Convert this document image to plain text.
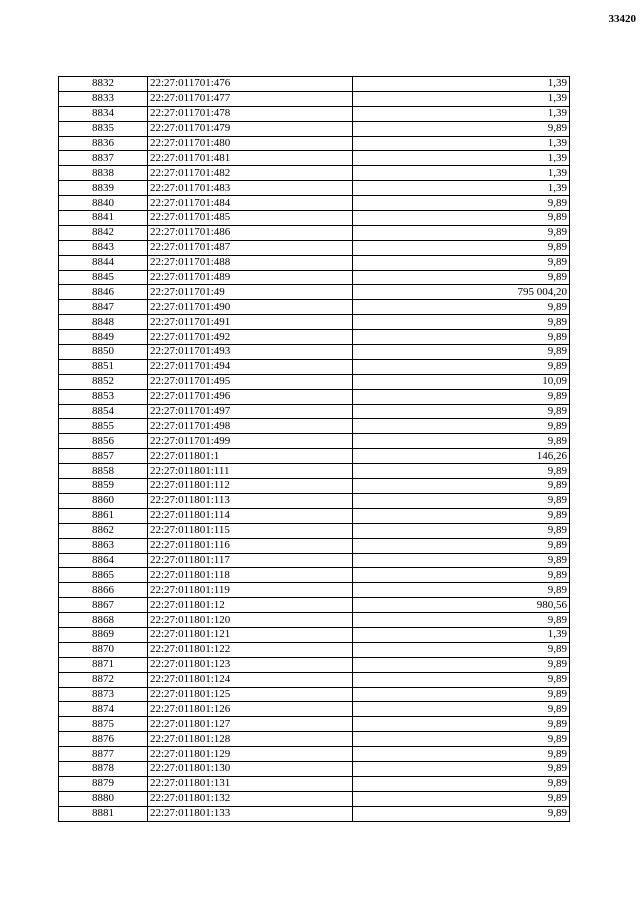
33420
8832	22:27:011701:476	1,39
8833	22:27:011701:477	1,39
8834	22:27:011701:478	1,39
8835	22:27:011701:479	9,89
8836	22:27:011701:480	1,39
8837	22:27:011701:481	1,39
8838	22:27:011701:482	1,39
8839	22:27:011701:483	1,39
8840	22:27:011701:484	9,89
8841	22:27:011701:485	9,89
8842	22:27:011701:486	9,89
8843	22:27:011701:487	9,89
8844	22:27:011701:488	9,89
8845	22:27:011701:489	9,89
8846	22:27:011701:49	795 004,20
8847	22:27:011701:490	9,89
8848	22:27:011701:491	9,89
8849	22:27:011701:492	9,89
8850	22:27:011701:493	9,89
8851	22:27:011701:494	9,89
8852	22:27:011701:495	10,09
8853	22:27:011701:496	9,89
8854	22:27:011701:497	9,89
8855	22:27:011701:498	9,89
8856	22:27:011701:499	9,89
8857	22:27:011801:1	146,26
8858	22:27:011801:111	9,89
8859	22:27:011801:112	9,89
8860	22:27:011801:113	9,89
8861	22:27:011801:114	9,89
8862	22:27:011801:115	9,89
8863	22:27:011801:116	9,89
8864	22:27:011801:117	9,89
8865	22:27:011801:118	9,89
8866	22:27:011801:119	9,89
8867	22:27:011801:12	980,56
8868	22:27:011801:120	9,89
8869	22:27:011801:121	1,39
8870	22:27:011801:122	9,89
8871	22:27:011801:123	9,89
8872	22:27:011801:124	9,89
8873	22:27:011801:125	9,89
8874	22:27:011801:126	9,89
8875	22:27:011801:127	9,89
8876	22:27:011801:128	9,89
8877	22:27:011801:129	9,89
8878	22:27:011801:130	9,89
8879	22:27:011801:131	9,89
8880	22:27:011801:132	9,89
8881	22:27:011801:133	9,89
